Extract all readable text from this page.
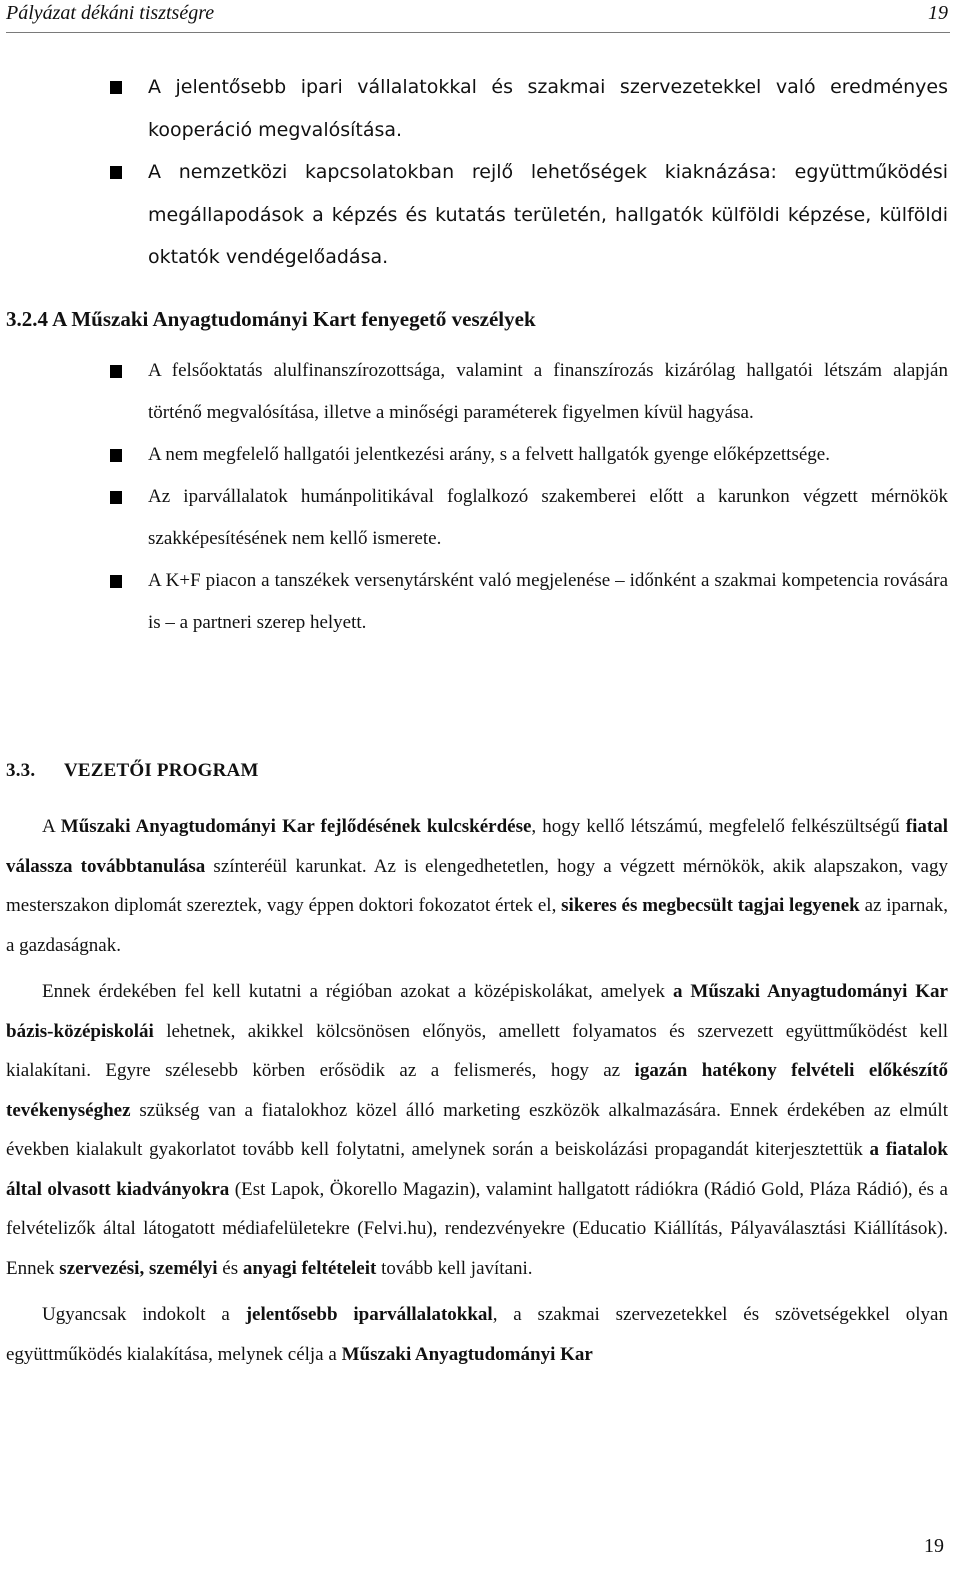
Pályázat dékáni tisztségre	19
A jelentősebb ipari vállalatokkal és szakmai szervezetekkel való eredményes kooperáció megvalósítása.
A nemzetközi kapcsolatokban rejlő lehetőségek kiaknázása: együttműködési megállapodások a képzés és kutatás területén, hallgatók külföldi képzése, külföldi oktatók vendégelőadása.
3.2.4 A Műszaki Anyagtudományi Kart fenyegető veszélyek
A felsőoktatás alulfinanszírozottsága, valamint a finanszírozás kizárólag hallgatói létszám alapján történő megvalósítása, illetve a minőségi paraméterek figyelmen kívül hagyása.
A nem megfelelő hallgatói jelentkezési arány, s a felvett hallgatók gyenge előképzettsége.
Az iparvállalatok humánpolitikával foglalkozó szakemberei előtt a karunkon végzett mérnökök szakképesítésének nem kellő ismerete.
A K+F piacon a tanszékek versenytársként való megjelenése – időnként a szakmai kompetencia rovására is – a partneri szerep helyett.
3.3. VEZETŐI PROGRAM

A Műszaki Anyagtudományi Kar fejlődésének kulcskérdése, hogy kellő létszámú, megfelelő felkészültségű fiatal válassza továbbtanulása színteréül karunkat. Az is elengedhetetlen, hogy a végzett mérnökök, akik alapszakon, vagy mesterszakon diplomát szereztek, vagy éppen doktori fokozatot értek el, sikeres és megbecsült tagjai legyenek az iparnak, a gazdaságnak.

Ennek érdekében fel kell kutatni a régióban azokat a középiskolákat, amelyek a Műszaki Anyagtudományi Kar bázis-középiskolái lehetnek, akikkel kölcsönösen előnyös, amellett folyamatos és szervezett együttműködést kell kialakítani. Egyre szélesebb körben erősödik az a felismerés, hogy az igazán hatékony felvételi előkészítő tevékenységhez szükség van a fiatalokhoz közel álló marketing eszközök alkalmazására. Ennek érdekében az elmúlt években kialakult gyakorlatot tovább kell folytatni, amelynek során a beiskolázási propagandát kiterjesztettük a fiatalok által olvasott kiadványokra (Est Lapok, Ökorello Magazin), valamint hallgatott rádiókra (Rádió Gold, Pláza Rádió), és a felvételizők által látogatott médiafelületekre (Felvi.hu), rendezvényekre (Educatio Kiállítás, Pályaválasztási Kiállítások). Ennek szervezési, személyi és anyagi feltételeit tovább kell javítani.

Ugyancsak indokolt a jelentősebb iparvállalatokkal, a szakmai szervezetekkel és szövetségekkel olyan együttműködés kialakítása, melynek célja a Műszaki Anyagtudományi Kar

19
